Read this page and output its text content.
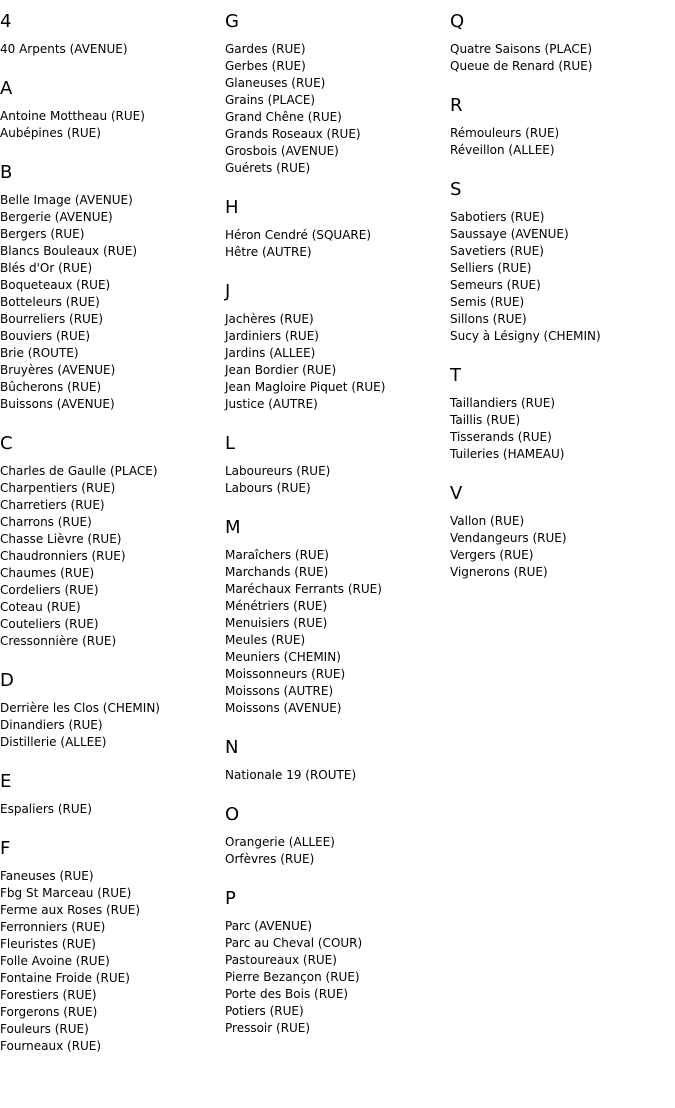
4
40 Arpents (AVENUE)
A
Antoine Mottheau (RUE)
Aubépines (RUE)
B
Belle Image (AVENUE)
Bergerie (AVENUE)
Bergers (RUE)
Blancs Bouleaux (RUE)
Blés d'Or (RUE)
Boqueteaux (RUE)
Botteleurs (RUE)
Bourreliers (RUE)
Bouviers (RUE)
Brie (ROUTE)
Bruyères (AVENUE)
Bûcherons (RUE)
Buissons (AVENUE)
C
Charles de Gaulle (PLACE)
Charpentiers (RUE)
Charretiers (RUE)
Charrons (RUE)
Chasse Lièvre (RUE)
Chaudronniers (RUE)
Chaumes (RUE)
Cordeliers (RUE)
Coteau (RUE)
Couteliers (RUE)
Cressonnière (RUE)
D
Derrière les Clos (CHEMIN)
Dinandiers (RUE)
Distillerie (ALLEE)
E
Espaliers (RUE)
F
Faneuses (RUE)
Fbg St Marceau (RUE)
Ferme aux Roses (RUE)
Ferronniers (RUE)
Fleuristes (RUE)
Folle Avoine (RUE)
Fontaine Froide (RUE)
Forestiers (RUE)
Forgerons (RUE)
Fouleurs (RUE)
Fourneaux (RUE)
G
Gardes (RUE)
Gerbes (RUE)
Glaneuses (RUE)
Grains (PLACE)
Grand Chêne (RUE)
Grands Roseaux (RUE)
Grosbois (AVENUE)
Guérets (RUE)
H
Héron Cendré (SQUARE)
Hêtre (AUTRE)
J
Jachères (RUE)
Jardiniers (RUE)
Jardins (ALLEE)
Jean Bordier (RUE)
Jean Magloire Piquet (RUE)
Justice (AUTRE)
L
Laboureurs (RUE)
Labours (RUE)
M
Maraîchers (RUE)
Marchands (RUE)
Maréchaux Ferrants (RUE)
Ménétriers (RUE)
Menuisiers (RUE)
Meules (RUE)
Meuniers (CHEMIN)
Moissonneurs (RUE)
Moissons (AUTRE)
Moissons (AVENUE)
N
Nationale 19 (ROUTE)
O
Orangerie (ALLEE)
Orfèvres (RUE)
P
Parc (AVENUE)
Parc au Cheval (COUR)
Pastoureaux (RUE)
Pierre Bezançon (RUE)
Porte des Bois (RUE)
Potiers (RUE)
Pressoir (RUE)
Q
Quatre Saisons (PLACE)
Queue de Renard (RUE)
R
Rémouleurs (RUE)
Réveillon (ALLEE)
S
Sabotiers (RUE)
Saussaye (AVENUE)
Savetiers (RUE)
Selliers (RUE)
Semeurs (RUE)
Semis (RUE)
Sillons (RUE)
Sucy à Lésigny (CHEMIN)
T
Taillandiers (RUE)
Taillis (RUE)
Tisserands (RUE)
Tuileries (HAMEAU)
V
Vallon (RUE)
Vendangeurs (RUE)
Vergers (RUE)
Vignerons (RUE)
